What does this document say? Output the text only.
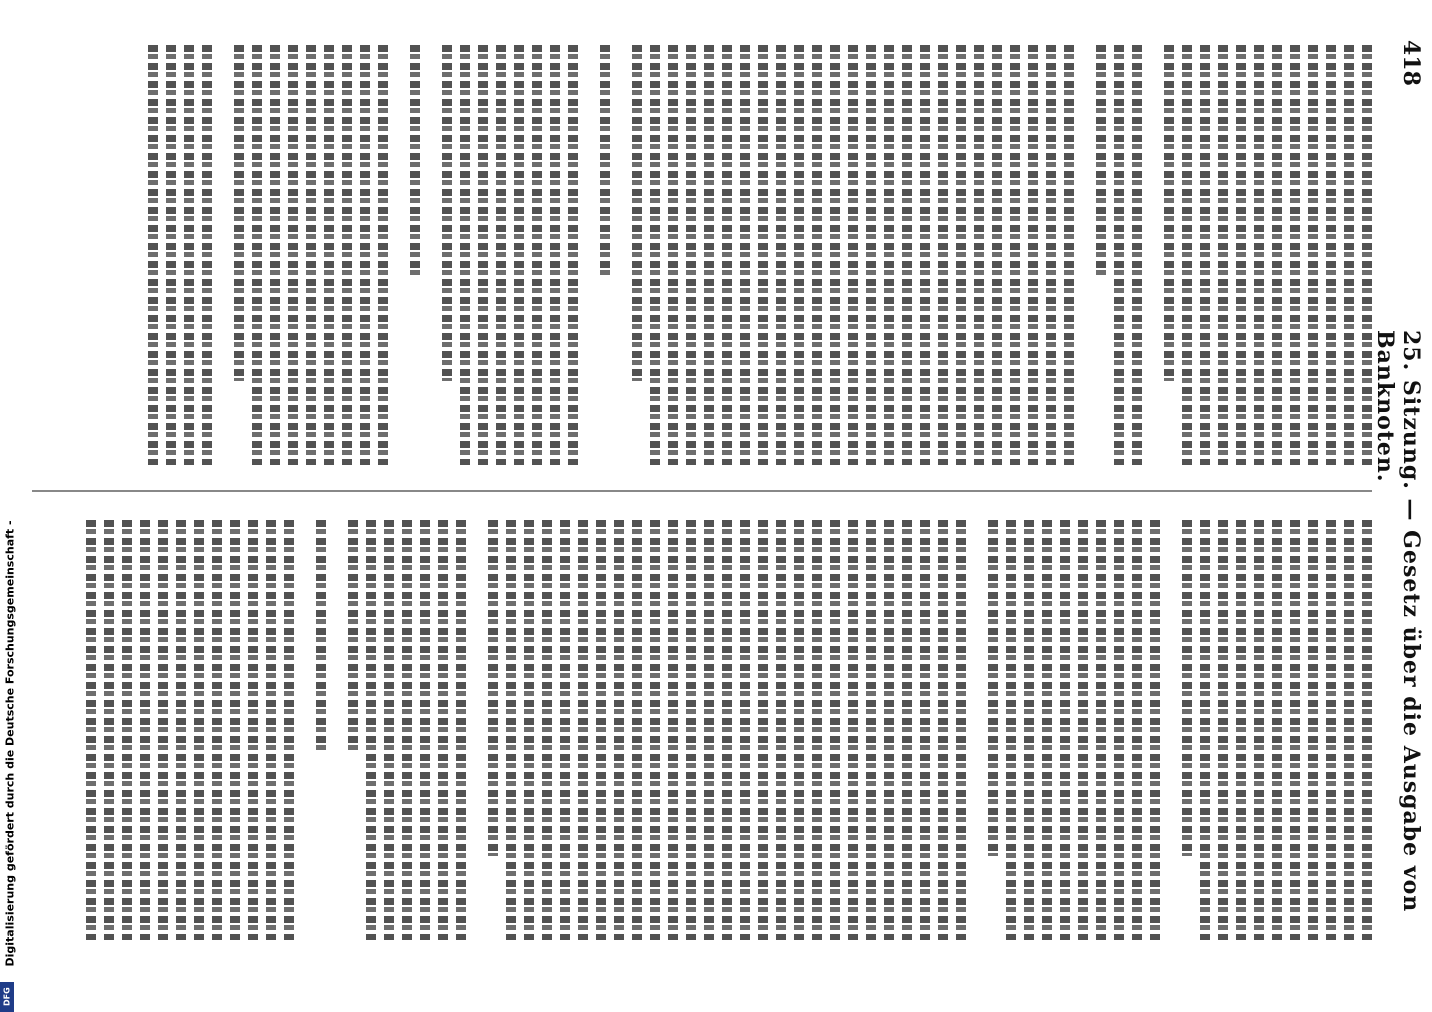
418
25. Sitzung. — Gesetz über die Ausgabe von Banknoten.
Digitalisierung gefördert durch die Deutsche Forschungsgemeinschaft -
DFG
